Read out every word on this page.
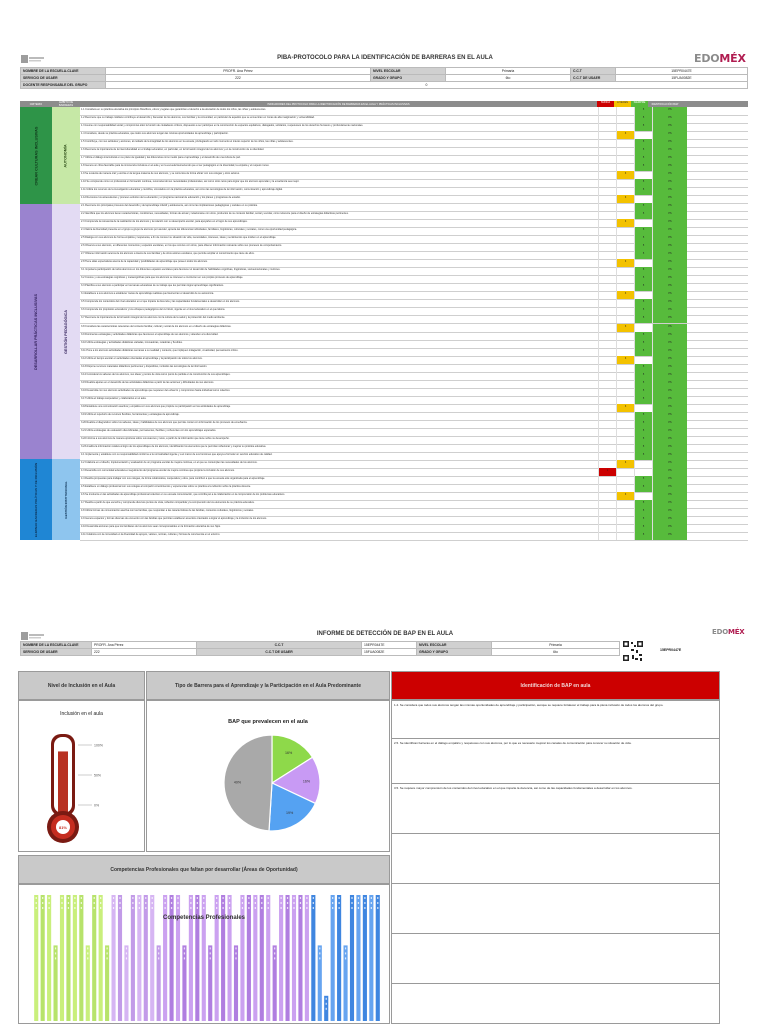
PIBA-PROTOCOLO PARA LA IDENTIFICACIÓN DE BARRERAS EN EL AULA	EDOMÉX
NOMBRE DE LA ESCUELA-CLAVE	PROFR. Ana Pérez	NIVEL ESCOLAR	Primaria	C.C.T	15EPR0447E
SERVICIO DE USAER	222	GRADO Y GRUPO	6to	C.C.T DE USAER	15FUA0082E
DOCENTE RESPONSABLE DEL GRUPO	0				
CRITERIO	ÁMBITO DE BARRERAS	INDICADORES DEL PROTOCOLO PARA LA IDENTIFICACIÓN DE BARRERAS EN EL AULA Y PRÁCTICAS INCLUSIVAS	NUNCA	A VECES	SIEMPRE	IDENTIFICACIÓN BAP
CREAR CULTURAS INCLUSIVAS	AUTONOMÍA
DESARROLLAR PRÁCTICAS INCLUSIVAS	GESTIÓN PEDAGÓGICA
ELIMINAR BARRERAS POLÍTICAS Y DE INCLUSIÓN	GESTIÓN INSTITUCIONAL
1.1 Considera en su práctica educativa los principios filosóficos, éticos y legales que garantizan el derecho a la educación de todos los niños, las niñas y adolescentes.	5	PS
1.2 Reconoce que su trabajo cotidiano contribuye al desarrollo y bienestar de los alumnos, sus familias y la comunidad, en particular de aquellos que se encuentran en zonas de alta marginación y vulnerabilidad.	5	PS
1.3 Asume con responsabilidad social y compromiso ético la función de ciudadanos críticos, dispuestos a ser partícipes en la construcción de espacios equitativos, dialogados, solidarios, respetuosos de los derechos humanos y profundamente nacionales.	5	PS
1.4 Considera, desde su práctica educativa, que todos sus alumnos tengan las mismas oportunidades de aprendizaje y participación.	3	PS
1.5 Contribuye, con sus actitudes y acciones, al cuidado de la integridad de los alumnos en la escuela, privilegiando en todo momento el interés superior de los niños, las niñas y adolescentes.	5	PS
1.6 Reconoce la importancia de la interculturalidad en el trabajo educativo, en particular, en la formación integral de los alumnos y en la construcción de su identidad.	5	PS
1.7 Utiliza el diálogo intercultural en su plano de igualdad y las diferencias como medio para el aprendizaje y el desarrollo de una cultura de paz.	5	PS
1.8 Genera un clima favorable para la convivencia inclusiva en el aula y en la escuela favoreciendo que el ser pedagógico en la diversidad, la empatía y el respeto mutuo.	5	PS
1.9 Se sustenta de manera oral y escrita en la lengua materna de sus alumnos, y se comunica de forma eficaz con sus colegas y otros actores.	3	PS
1.10 Se comprende como un profesional en formación continua, reconociendo sus necesidades profesionales, así como otros retos para lograr que los alumnos aprendan y la enseñanza sea mejor.	5	PS
1.11 Utiliza los recursos de la investigación educativa y científica, vinculados con la práctica educativa, así como las tecnologías de la información, comunicación y aprendizaje digital.	5	PS
1.12 Reconoce los antecedentes y proceso evolutivo de la educación y el programa nacional de educación y los planes y programas de estudio.	3	PS
2.1 Reconoce los principales procesos del desarrollo y del aprendizaje infantil y adolescente, así como las implicaciones pedagógicas y sociales en su práctica.	5	PS
2.2 Identifica que los alumnos tienen características, condiciones, necesidades, formas de actuar y relacionarse con otros, productos de su contexto familiar, social y escolar, como referente para el diseño de estrategias didácticas pertinentes.	5	PS
2.3 Comprende la relevancia de la realización de los alumnos y la relación con su desempeño escolar, para apoyarles en el logro de sus aprendizajes.	3	PS
2.4 Valora la diversidad presente en el grupo a grupo de alumnos por atender, aprecia las diferencias individuales, familiares, lingüísticas, culturales y sociales, como una oportunidad pedagógica.	5	PS
2.5 Dialoga con sus alumnos de forma empática y respetuosa, a fin de conocer su situación de vida, necesidades, intereses, ideas y sentimientos que inciden en el aprendizaje.	5	PS
2.6 Observa a sus alumnos, en diferentes momentos y espacios escolares, en los que convive con otros, para obtener información relevante sobre sus procesos de comportamiento.	5	PS
2.7 Obtiene información acerca de los alumnos a través de sus familias y de otros actores escolares, que permite ampliar el conocimiento que tiene de ellos.	5	PS
2.8 Tiene altas expectativas acerca de la capacidad y posibilidades de aprendizaje que poseen todos los alumnos.	3	PS
3.1 Impulsa la participación de todos alumnos en los diferentes espacios escolares para favorecer el desarrollo de habilidades cognitivas, lingüísticas, socioemocionales y motrices.	5	PS
3.2 Conoce y usa estrategias cognitivas y metacognitivas para que los alumnos se interesen e involucren en sus propios procesos de aprendizaje.	5	PS
3.3 Planifica a sus alumnos a participar en las tareas educativas de su trabajo que les permitan lograr aprendizajes significativos.	5	PS
3.4 Establece a sus alumnos a establecer metas de aprendizaje realistas que favorezcan el desarrollo de su autonomía.	3	PS
3.5 Comprende los contenidos del nivel educativo en el que imparte la docencia y las capacidades fundamentales a desarrollar en los alumnos.	5	PS
3.6 Comprende los propósitos educativos y los enfoques pedagógicos del currículo, vigente en el nivel educativo en el que labora.	5	PS
3.7 Reconoce la importancia de la formación integral de los alumnos con la cultura de la salud y la protección del medio ambiente.	5	PS
3.8 Considera las características relevantes del contexto familiar, cultural y social de los alumnos en el diseño de estrategias didácticas.	3	PS
3.9 Domina las estrategias y actividades didácticas que favorecen el aprendizaje de sus alumnos y atienden a la diversidad.	5	PS
3.10 Utiliza estrategias y actividades didácticas variadas, innovadoras, retadoras y flexibles.	5	PS
3.11 Pone a los alumnos actividades didácticas cercanas a su realidad y contexto, que impliquen indagación, creatividad, pensamiento crítico.	5	PS
3.12 Utiliza el tiempo escolar en actividades orientadas al aprendizaje y la participación de todos los alumnos.	3	PS
3.13 Dispone recursos materiales didácticos pertinentes y disponibles, incluidos las tecnologías de la información.	5	PS
3.14 Considera los saberes de los alumnos, sus ideas y puntos de vista como punto de partida en la construcción de sus aprendizajes.	5	PS
3.15 Realiza ajustes en el desarrollo de las actividades didácticas a partir de las acciones y dificultades de sus alumnos.	5	PS
3.16 Desarrolla con sus alumnos actividades de aprendizaje que requieren del esfuerzo y compromiso hasta individual como colectivo.	5	PS
3.17 Utiliza el trabajo cooperativo y colaborativo en el aula.	5	PS
3.18 Establece una comunicación asertiva y empática con sus alumnos que propicie su participación en las actividades de aprendizaje.	3	PS
3.19 Utiliza el repertorio de recursos flexibles, herramientas y estrategias de aprendizaje.	5	PS
3.20 Realiza el diagnóstico sobre los saberes, ideas y habilidades de sus alumnos que permite contar con información de los procesos de enseñanza.	5	PS
3.21 Utiliza estrategias de evaluación diversificadas, permanentes, flexibles y coherentes con los aprendizajes esperados.	5	PS
3.22 Informa a sus alumnos de manera oportuna sobre sus avances y retos, a partir de la información que tiene sobre su desempeño.	5	PS
3.23 Analiza la información relativa al logro de los aprendizajes de los alumnos, identificando los elementos que le permitan reflexionar y mejorar su práctica educativa.	5	PS
4.1 Implementa y establece con su responsabilidad conforme a la normatividad vigente y a el marco de sus funciones que apoya a formular un servicio educativo de calidad.	5	PS
4.2 Colabora en el diseño, implementación y evaluación de un programa escolar de mejora continua, en el que se contemplen las necesidades de los alumnos.	3	PS
4.3 Desarrolla con comunidad educativa el seguimiento del programa escolar de mejora continua que propicie la inclusión de sus alumnos.	1	PS
4.4 Realiza propuestas para trabajar con sus colegas, de forma colaborativa, cooperativa y ética, para contribuir a que la escuela esté organizada para el aprendizaje.	5	PS
4.5 Establece un diálogo profesional con sus colegas al compartir conocimientos y experiencias sobre su práctica a la reflexión sobre la práctica docente.	5	PS
4.6 Se involucra en las actividades de aprendizaje profesional colectivo en su escuela comunicación, que contribuyan a la colaboración en la comprensión de los problemas educativos.	3	PS
4.7 Realiza a partir de que escucha y comprende diversos puntos de vista, reflexión compartida y la comprensión de los elementos de su práctica educativa.	5	PS
4.8 Utiliza formas de comunicación asertiva con las familias, que respondan a las características de las familias, contextos culturales, lingüísticos y sociales.	5	PS
4.9 Genera espacios y formas diversas de encuentro con las familias que permitan establecer acuerdos orientados a lograr el aprendizaje y la inclusión de los alumnos.	5	PS
4.10 Desarrolla acciones para que los familiares de los alumnos sean corresponsables en la formación educativa de sus hijos.	5	PS
4.11 Colabora con la comunidad en la diversidad de apoyos, valores, normas, culturas y formas de convivencia en el entorno.	5	PS
INFORME DE DETECCIÓN DE BAP EN EL AULA	EDOMÉX
NOMBRE DE LA ESCUELA-CLAVE	PROFR. Ana Pérez	C.C.T	15EPR0447E	NIVEL ESCOLAR	Primaria
SERVICIO DE USAER	222	C.C.T DE USAER	15FUA0082E	GRADO Y GRUPO	6to	15EPR0447E
Nivel de Inclusión en el Aula	Tipo de Barrera para el Aprendizaje y la Participación en el Aula Predominante	Identificación de BAP en aula
Inclusión en el aula
81%
100%
50%
0%
BAP que prevalecen en el aula
16%
16%
19%
49%
1.4. Se considera que todos sus alumnos tengan las mismas oportunidades de aprendizaje y participación, aunque se requiere fortalecer el trabajo para la plena inclusión de todos los alumnos del grupo.
2.5. Se identifican barreras en el diálogo empático y respetuoso con sus alumnos, por lo que es necesario mejorar los canales de comunicación para conocer su situación de vida.
3.5. Se requiere mayor comprensión de los contenidos del nivel educativo en el que imparte la docencia, así como de las capacidades fundamentales a desarrollar en los alumnos.
Competencias Profesionales que faltan por desarrollar (Áreas de Oportunidad)
Competencias Profesionales
